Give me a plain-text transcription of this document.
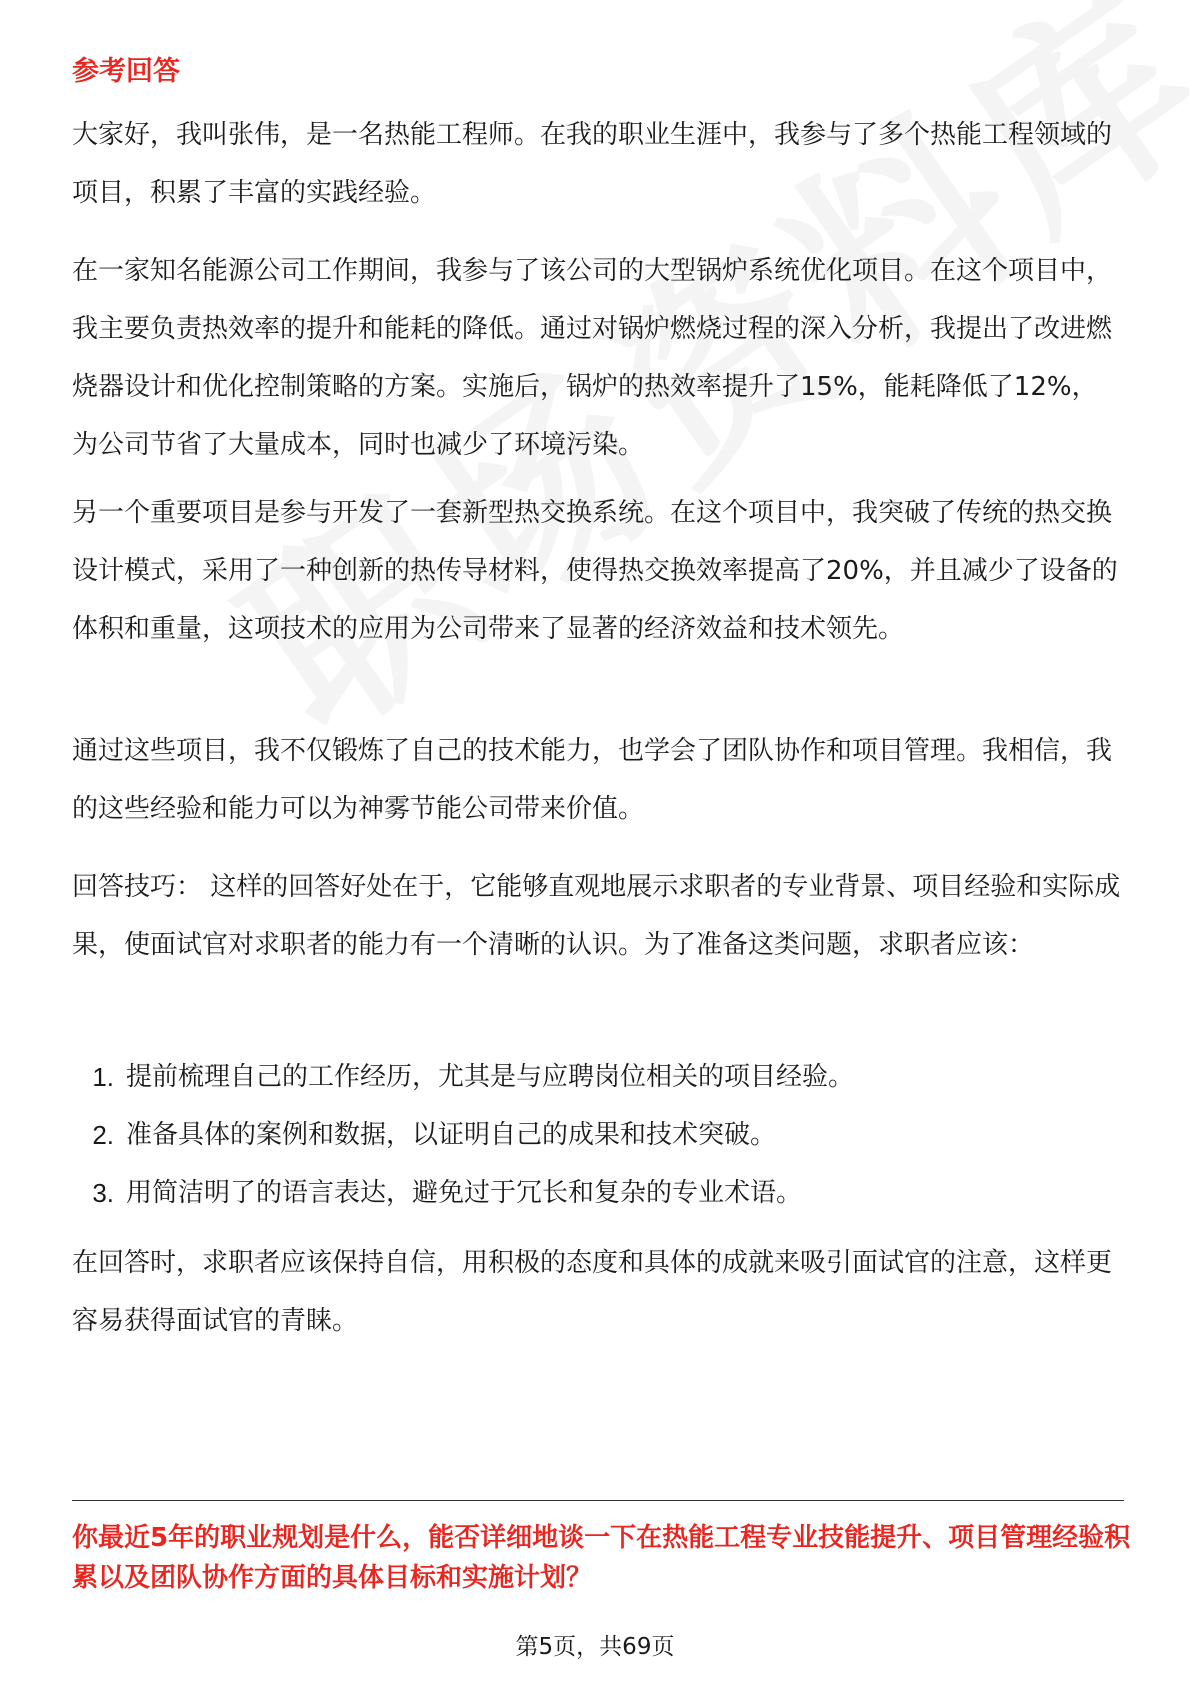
参考回答

大家好，我叫张伟，是一名热能工程师。在我的职业生涯中，我参与了多个热能工程领域的项目，积累了丰富的实践经验。

在一家知名能源公司工作期间，我参与了该公司的大型锅炉系统优化项目。在这个项目中，我主要负责热效率的提升和能耗的降低。通过对锅炉燃烧过程的深入分析，我提出了改进燃烧器设计和优化控制策略的方案。实施后，锅炉的热效率提升了15%，能耗降低了12%，为公司节省了大量成本，同时也减少了环境污染。

另一个重要项目是参与开发了一套新型热交换系统。在这个项目中，我突破了传统的热交换设计模式，采用了一种创新的热传导材料，使得热交换效率提高了20%，并且减少了设备的体积和重量，这项技术的应用为公司带来了显著的经济效益和技术领先。

通过这些项目，我不仅锻炼了自己的技术能力，也学会了团队协作和项目管理。我相信，我的这些经验和能力可以为神雾节能公司带来价值。

回答技巧： 这样的回答好处在于，它能够直观地展示求职者的专业背景、项目经验和实际成果，使面试官对求职者的能力有一个清晰的认识。为了准备这类问题，求职者应该：

1. 提前梳理自己的工作经历，尤其是与应聘岗位相关的项目经验。
2. 准备具体的案例和数据，以证明自己的成果和技术突破。
3. 用简洁明了的语言表达，避免过于冗长和复杂的专业术语。

在回答时，求职者应该保持自信，用积极的态度和具体的成就来吸引面试官的注意，这样更容易获得面试官的青睐。

你最近5年的职业规划是什么，能否详细地谈一下在热能工程专业技能提升、项目管理经验积累以及团队协作方面的具体目标和实施计划？
第5页，共69页
